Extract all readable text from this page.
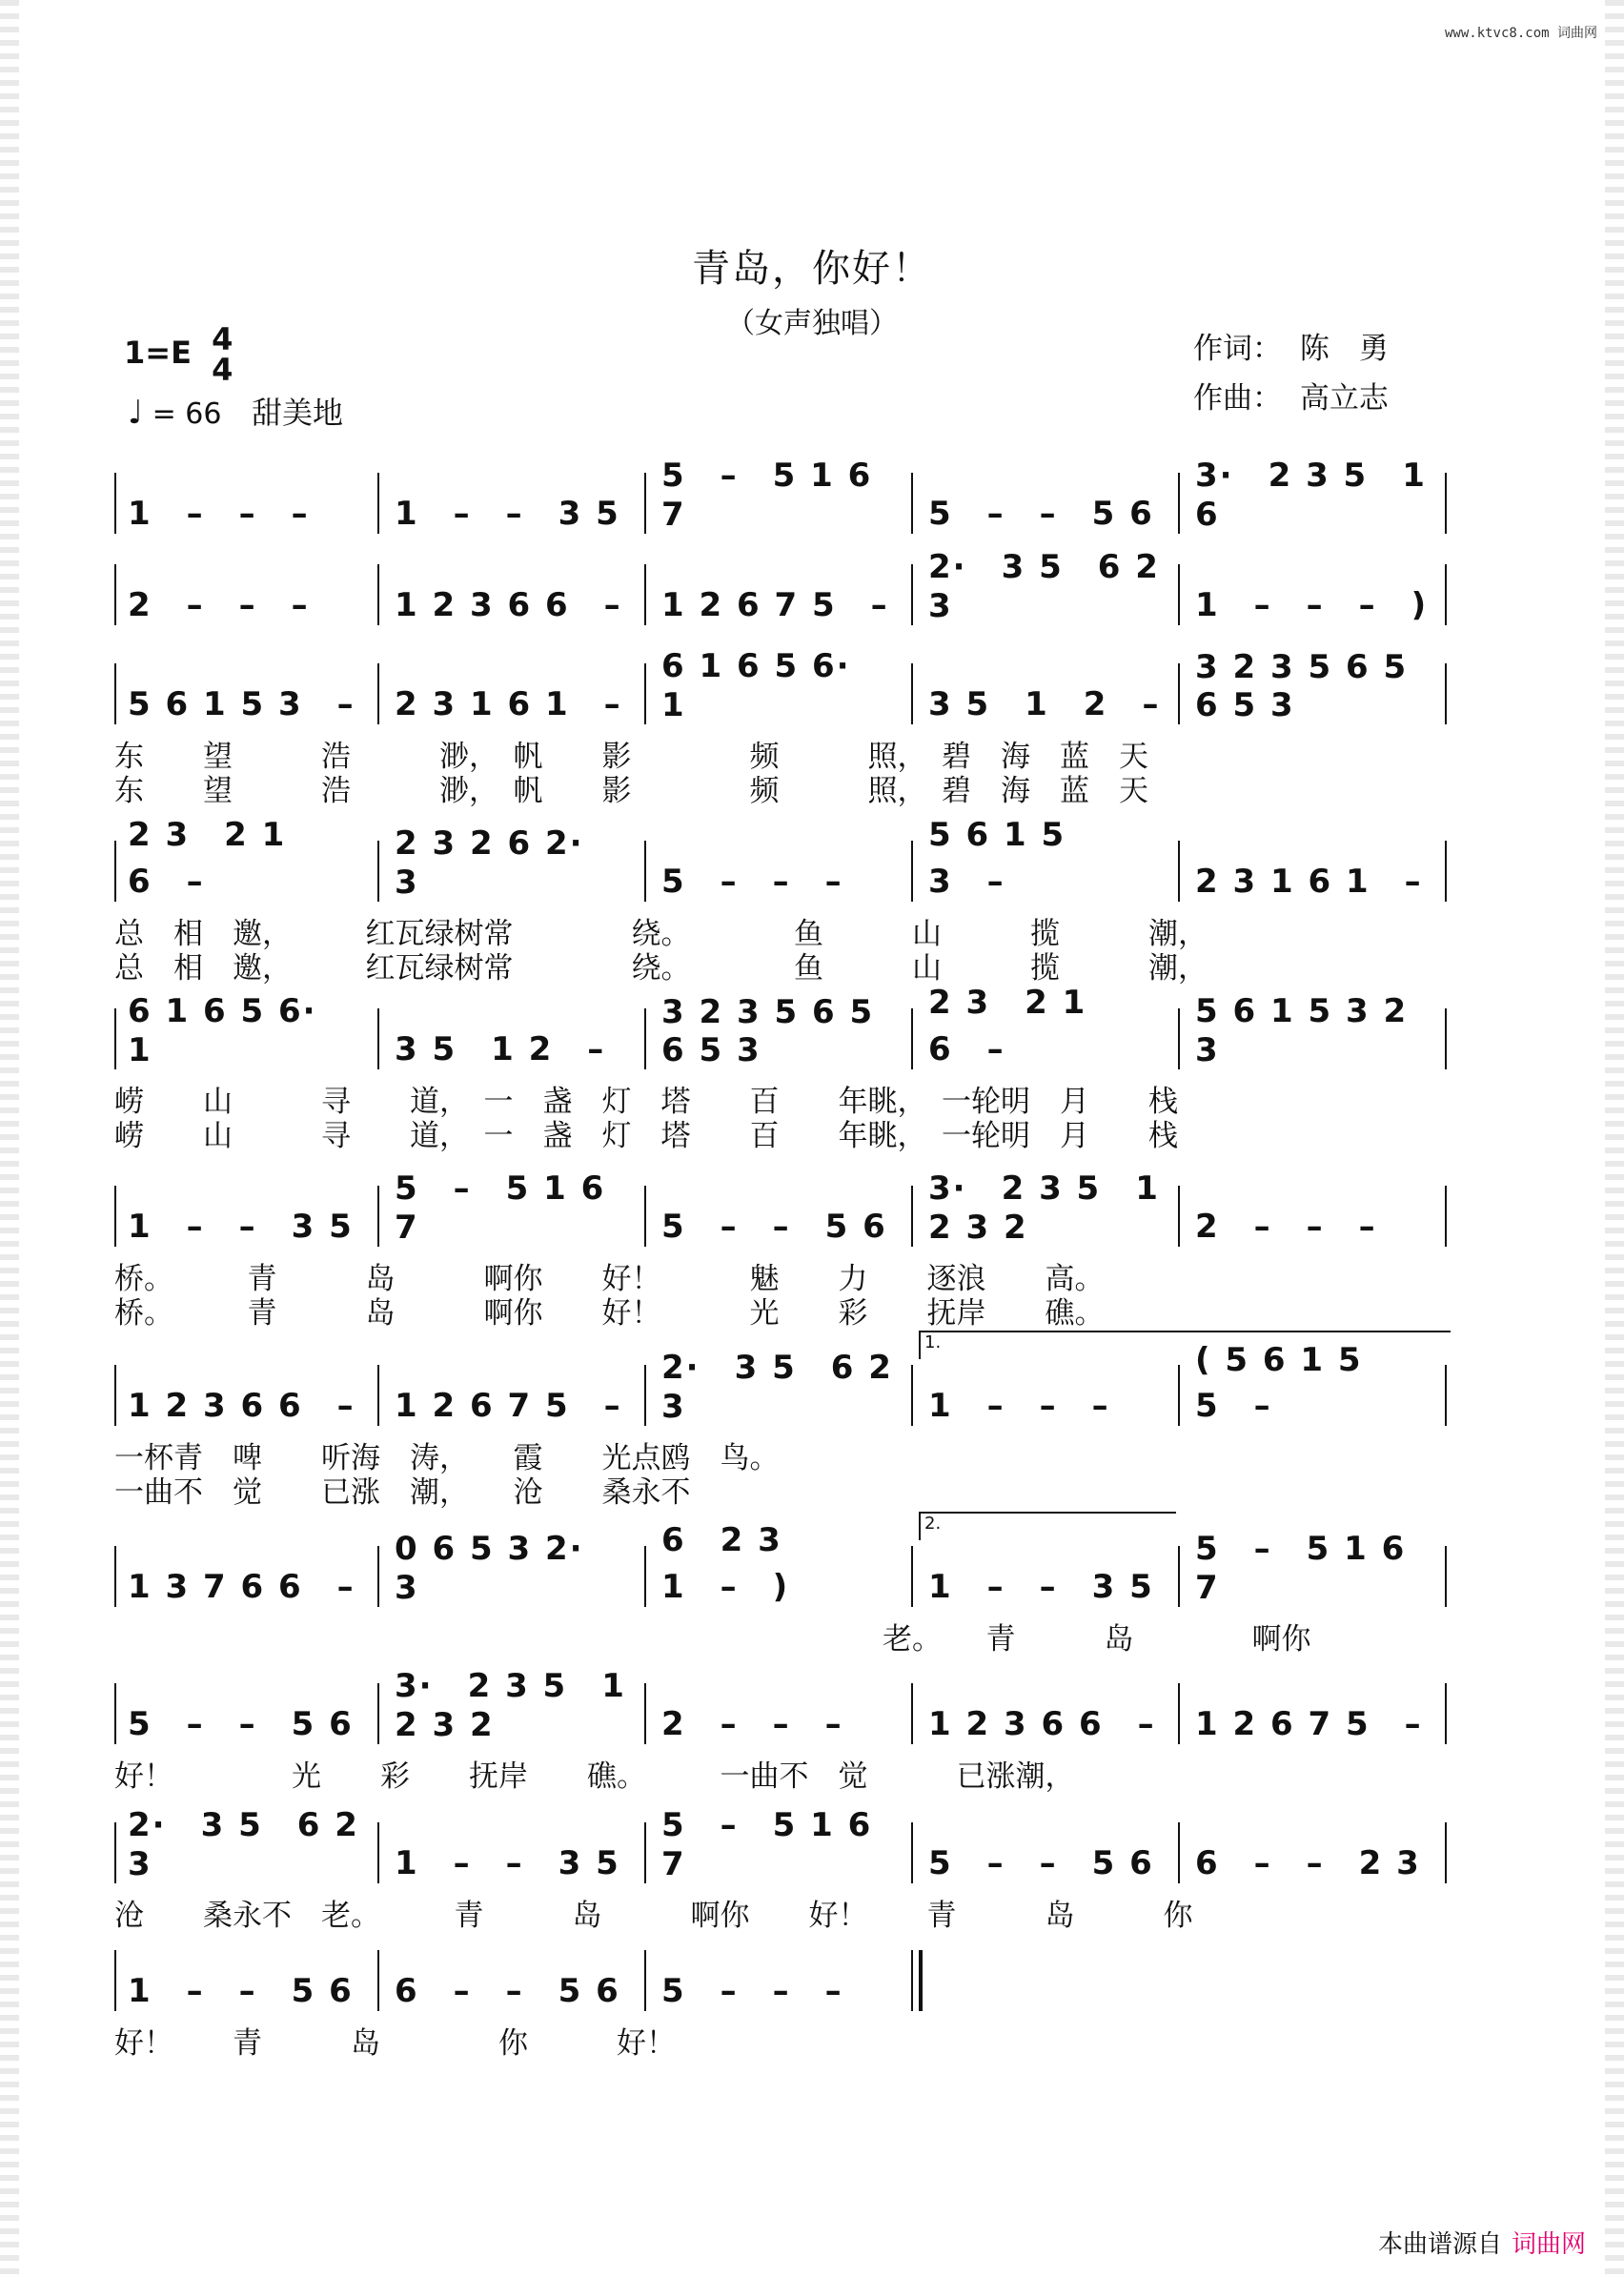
www.ktvc8.com 词曲网
青岛，你好！
（女声独唱）
1=E 4
4
♩ = 66 甜美地
作词： 陈　勇
作曲： 高立志
1　–　–　–	1　–　–　3 5
5　–　5 1 6 7	5　–　–　5 6
3·　2 3 5　1 6
2　–　–　–	1 2 3 6 6　–	1 2 6 7 5　–
2·　3 5　6 2 3	1　–　–　–　)
5 6 1 5 3　–	2 3 1 6 1　–
6 1 6 5 6·　1	3 5　1　2　–
3 2 3 5 6 5 6 5 3
东　　望　　　浩　　　渺，　帆　　影　　　　频　　　照，　碧　海　蓝　天
东　　望　　　浩　　　渺，　帆　　影　　　　频　　　照，　碧　海　蓝　天
2 3　2 1 6　–
2 3 2 6 2·　3	5　–　–　–
5 6 1 5　3　–	2 3 1 6 1　–
总　相　邀，　　　红瓦绿树常　　　　绕。　　　　鱼　　　山　　　揽　　　潮，
总　相　邀，　　　红瓦绿树常　　　　绕。　　　　鱼　　　山　　　揽　　　潮，
6 1 6 5 6·　1	3 5　1 2　–
3 2 3 5 6 5 6 5 3
2 3　2 1 6　–
5 6 1 5 3 2　3
崂　　山　　　寻　　道，　一　盏　灯　塔　　百　　年眺，　一轮明　月　　栈
崂　　山　　　寻　　道，　一　盏　灯　塔　　百　　年眺，　一轮明　月　　栈
1　–　–　3 5
5　–　5 1 6 7	5　–　–　5 6
3·　2 3 5　1 2 3 2	2　–　–　–
桥。　　　青　　　岛　　　啊你　　好！　　　魅　　力　　逐浪　　高。
桥。　　　青　　　岛　　　啊你　　好！　　　光　　彩　　抚岸　　礁。
1 2 3 6 6　–	1 2 6 7 5　–
2·　3 5　6 2 3	1　–　–　–
( 5 6 1 5 5　–
1.
一杯青　啤　　听海　涛，　　霞　　光点鸥　鸟。
一曲不　觉　　已涨　潮，　　沧　　桑永不
1 3 7 6 6　–
0 6 5 3 2·　3
6　2 3　1　–　)	1　–　–　3 5
5　–　5 1 6 7
2.
　　　　　　　　　　　　　　　　　　　　　　　　　　老。　　青　　　岛　　　　啊你
5　–　–　5 6
3·　2 3 5　1 2 3 2	2　–　–　–	1 2 3 6 6　–	1 2 6 7 5　–
好！　　　　光　　彩　　抚岸　　礁。　　　一曲不　觉　　　已涨潮，
2·　3 5　6 2 3	1　–　–　3 5
5　–　5 1 6 7	5　–　–　5 6	6　–　–　2 3
沧　　桑永不　老。　　　青　　　岛　　　啊你　　好！　　青　　　岛　　　你
1　–　–　5 6	6　–　–　5 6	5　–　–　–
好！　　青　　　岛　　　　你　　　好！
本曲谱源自 词曲网
